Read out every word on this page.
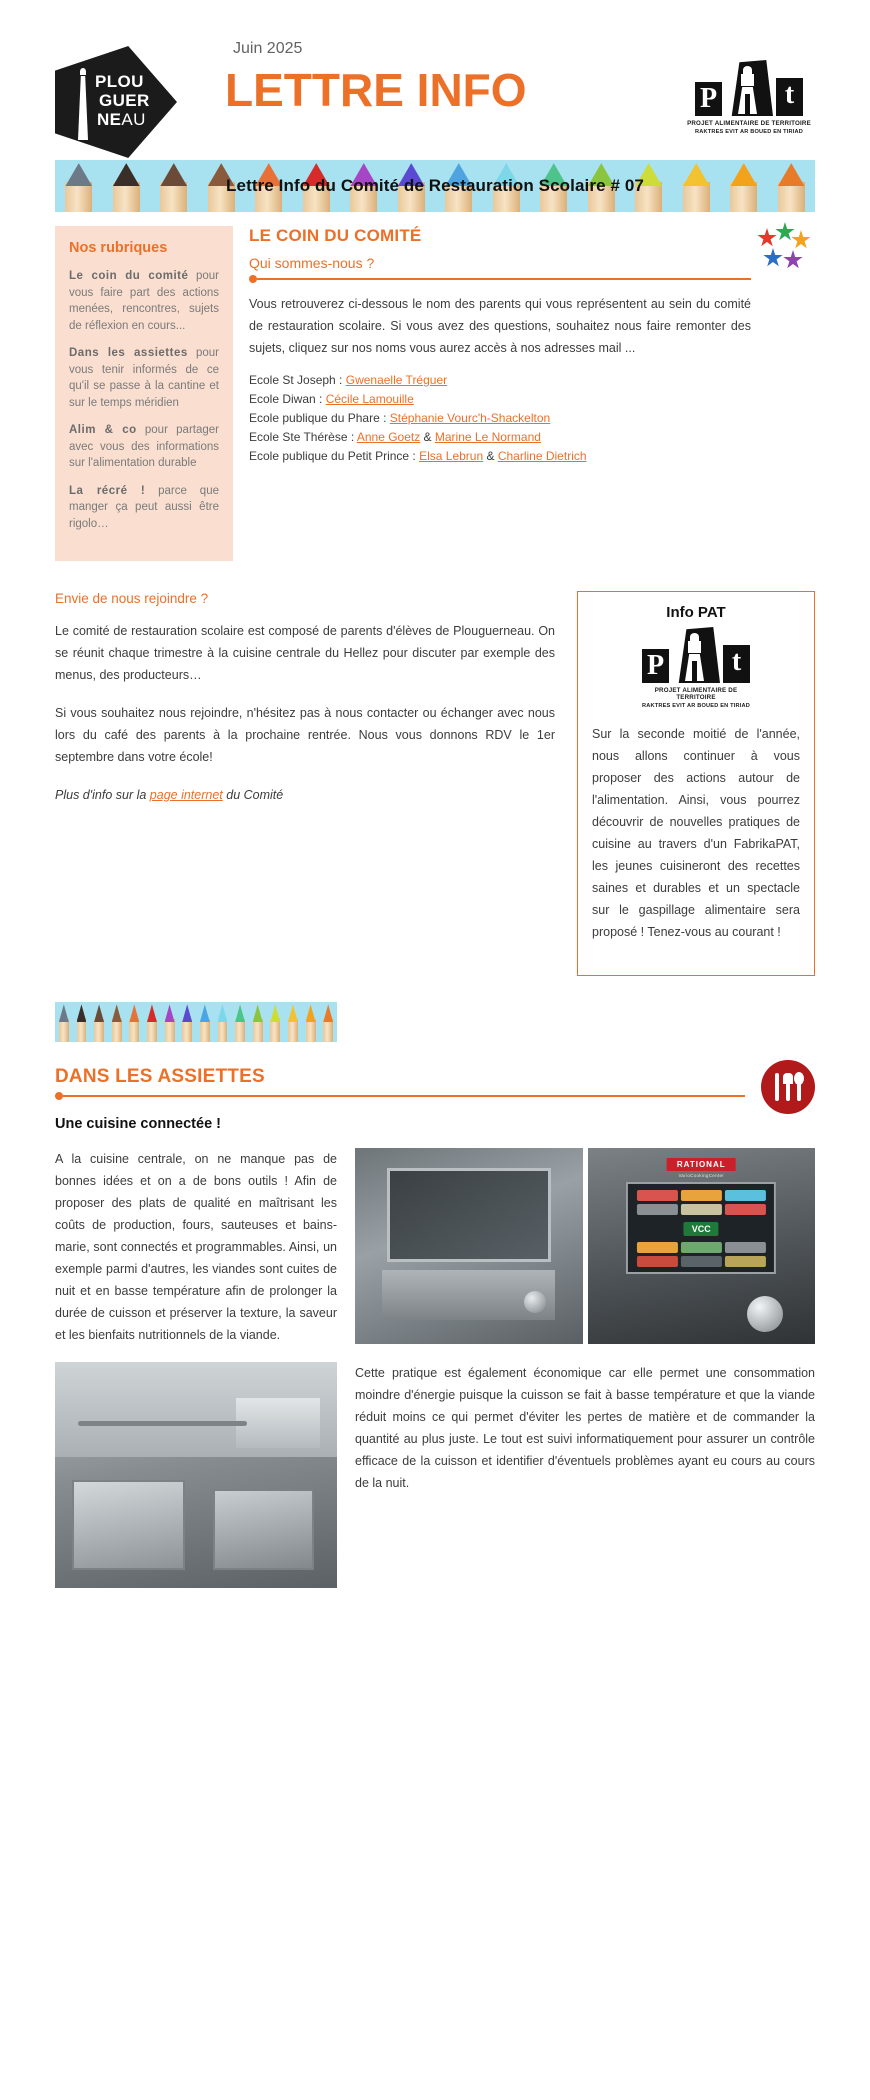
PLOU
GUER
NEAU
Juin 2025
LETTRE INFO	P	t
PROJET ALIMENTAIRE DE TERRITOIRE
RAKTRES EVIT AR BOUED EN TIRIAD
Lettre Info du Comité de Restauration Scolaire # 07
Nos rubriques
Le coin du comité pour vous faire part des actions menées, rencontres, sujets de réflexion en cours...
Dans les assiettes pour vous tenir informés de ce qu'il se passe à la cantine et sur le temps méridien
Alim & co pour partager avec vous des informations sur l'alimentation durable
La récré ! parce que manger ça peut aussi être rigolo…
LE COIN DU COMITÉ
Qui sommes-nous ?

Vous retrouverez ci-dessous le nom des parents qui vous représentent au sein du comité de restauration scolaire. Si vous avez des questions, souhaitez nous faire remonter des sujets, cliquez sur nos noms vous aurez accès à nos adresses mail ...

Ecole St Joseph : Gwenaelle Tréguer
Ecole Diwan : Cécile Lamouille
Ecole publique du Phare : Stéphanie Vourc'h-Shackelton
Ecole Ste Thérèse : Anne Goetz & Marine Le Normand
Ecole publique du Petit Prince : Elsa Lebrun & Charline Dietrich
Envie de nous rejoindre ?

Le comité de restauration scolaire est composé de parents d'élèves de Plouguerneau. On se réunit chaque trimestre à la cuisine centrale du Hellez pour discuter par exemple des menus, des producteurs…

Si vous souhaitez nous rejoindre, n'hésitez pas à nous contacter ou échanger avec nous lors du café des parents à la prochaine rentrée. Nous vous donnons RDV le 1er septembre dans votre école!

Plus d'info sur la page internet du Comité

Info PAT
P	t
PROJET ALIMENTAIRE DE TERRITOIRE
RAKTRES EVIT AR BOUED EN TIRIAD

Sur la seconde moitié de l'année, nous allons continuer à vous proposer des actions autour de l'alimentation. Ainsi, vous pourrez découvrir de nouvelles pratiques de cuisine au travers d'un FabrikaPAT, les jeunes cuisineront des recettes saines et durables et un spectacle sur le gaspillage alimentaire sera proposé ! Tenez-vous au courant !

DANS LES ASSIETTES
Une cuisine connectée !

A la cuisine centrale, on ne manque pas de bonnes idées et on a de bons outils ! Afin de proposer des plats de qualité en maîtrisant les coûts de production, fours, sauteuses et bains-marie, sont connectés et programmables. Ainsi, un exemple parmi d'autres, les viandes sont cuites de nuit et en basse température afin de prolonger la durée de cuisson et préserver la texture, la saveur et les bienfaits nutritionnels de la viande.

RATIONAL
VarioCookingCenter
VCC

Cette pratique est également économique car elle permet une consommation moindre d'énergie puisque la cuisson se fait à basse température et que la viande réduit moins ce qui permet d'éviter les pertes de matière et de commander la quantité au plus juste. Le tout est suivi informatiquement pour assurer un contrôle efficace de la cuisson et identifier d'éventuels problèmes ayant eu cours au cours de la nuit.
